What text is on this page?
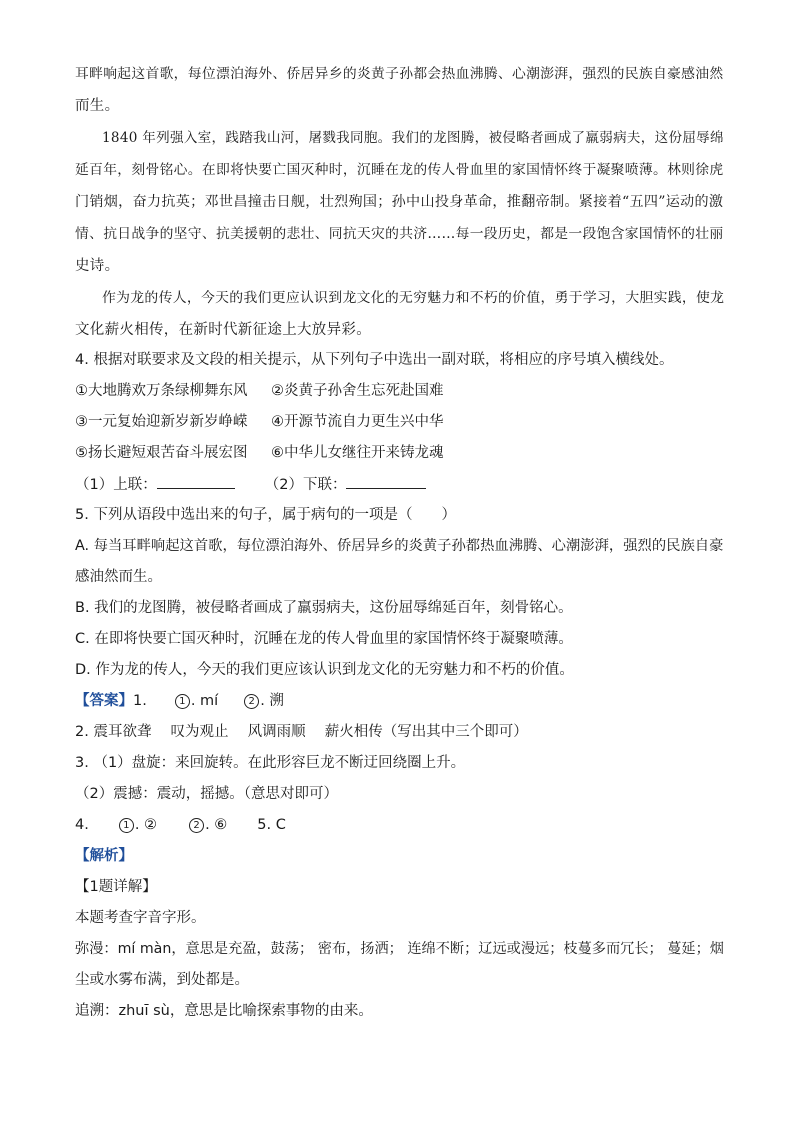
耳畔响起这首歌，每位漂泊海外、侨居异乡的炎黄子孙都会热血沸腾、心潮澎湃，强烈的民族自豪感油然
而生。
1840 年列强入室，践踏我山河，屠戮我同胞。我们的龙图腾，被侵略者画成了羸弱病夫，这份屈辱绵
延百年，刻骨铭心。在即将快要亡国灭种时，沉睡在龙的传人骨血里的家国情怀终于凝聚喷薄。林则徐虎
门销烟，奋力抗英；邓世昌撞击日舰，壮烈殉国；孙中山投身革命，推翻帝制。紧接着“五四”运动的激
情、抗日战争的坚守、抗美援朝的悲壮、同抗天灾的共济……每一段历史，都是一段饱含家国情怀的壮丽
史诗。
作为龙的传人，今天的我们更应认识到龙文化的无穷魅力和不朽的价值，勇于学习，大胆实践，使龙
文化薪火相传，在新时代新征途上大放异彩。
4. 根据对联要求及文段的相关提示，从下列句子中选出一副对联，将相应的序号填入横线处。
①大地腾欢万条绿柳舞东风 ②炎黄子孙舍生忘死赴国难
③一元复始迎新岁新岁峥嵘 ④开源节流自力更生兴中华
⑤扬长避短艰苦奋斗展宏图 ⑥中华儿女继往开来铸龙魂
（1）上联：	（2）下联：
5. 下列从语段中选出来的句子，属于病句的一项是（　　）
A. 每当耳畔响起这首歌，每位漂泊海外、侨居异乡的炎黄子孙都热血沸腾、心潮澎湃，强烈的民族自豪
感油然而生。
B. 我们的龙图腾，被侵略者画成了羸弱病夫，这份屈辱绵延百年，刻骨铭心。
C. 在即将快要亡国灭种时，沉睡在龙的传人骨血里的家国情怀终于凝聚喷薄。
D. 作为龙的传人，今天的我们更应该认识到龙文化的无穷魅力和不朽的价值。
【答案】1.	1 . mí	2 . 溯
2. 震耳欲聋　 叹为观止　 风调雨顺　 薪火相传（写出其中三个即可）
3. （1）盘旋：来回旋转。在此形容巨龙不断迂回绕圈上升。
（2）震撼：震动，摇撼。（意思对即可）
4.	1 . ②	2 . ⑥ 5. C
【解析】
【1题详解】
本题考查字音字形。
弥漫：mí màn，意思是充盈，鼓荡； 密布，扬洒； 连绵不断；辽远或漫远；枝蔓多而冗长； 蔓延；烟
尘或水雾布满，到处都是。
追溯：zhuī sù，意思是比喻探索事物的由来。
